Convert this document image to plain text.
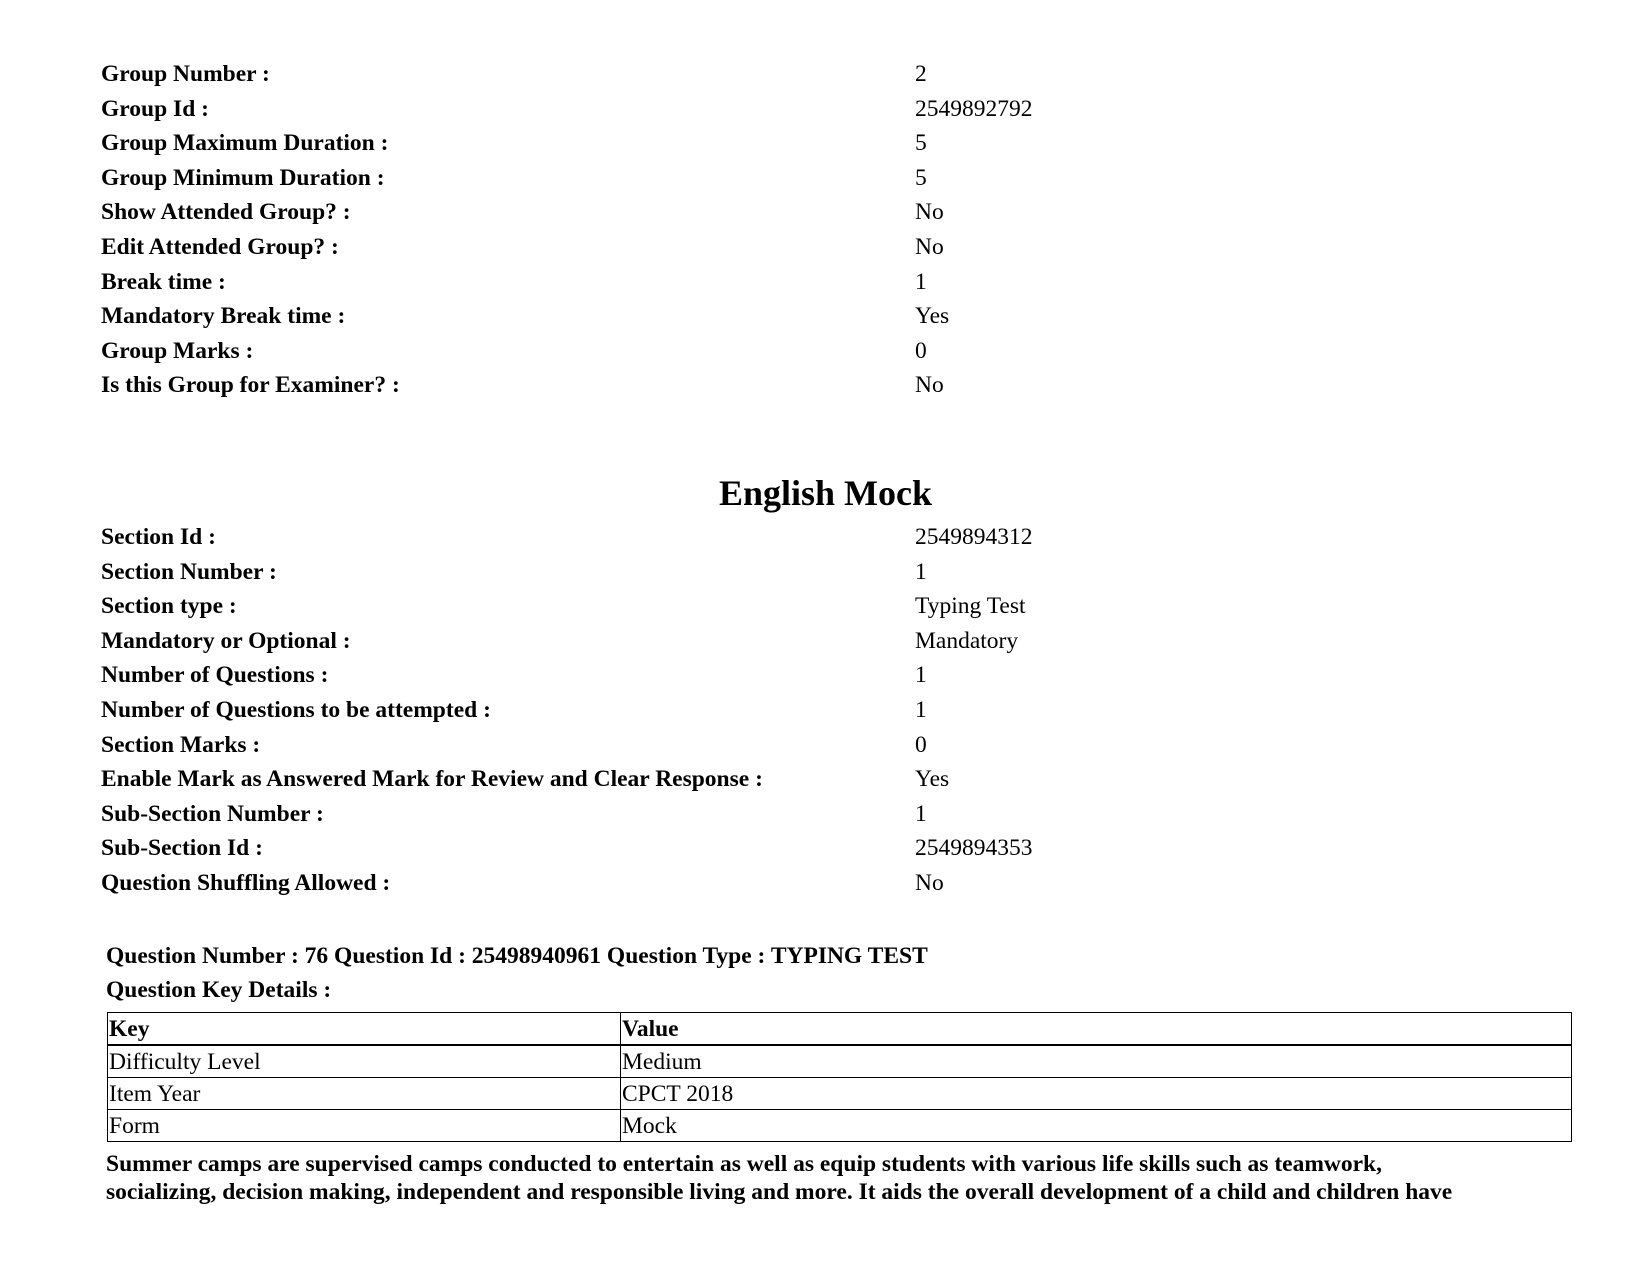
Group Number :	2
Group Id :	2549892792
Group Maximum Duration :	5
Group Minimum Duration :	5
Show Attended Group? :	No
Edit Attended Group? :	No
Break time :	1
Mandatory Break time :	Yes
Group Marks :	0
Is this Group for Examiner? :	No
English Mock
Section Id :	2549894312
Section Number :	1
Section type :	Typing Test
Mandatory or Optional :	Mandatory
Number of Questions :	1
Number of Questions to be attempted :	1
Section Marks :	0
Enable Mark as Answered Mark for Review and Clear Response :	Yes
Sub-Section Number :	1
Sub-Section Id :	2549894353
Question Shuffling Allowed :	No
Question Number : 76 Question Id : 25498940961 Question Type : TYPING TEST
Question Key Details :
Key	Value
Difficulty Level	Medium
Item Year	CPCT 2018
Form	Mock

Summer camps are supervised camps conducted to entertain as well as equip students with various life skills such as teamwork,

socializing, decision making, independent and responsible living and more. It aids the overall development of a child and children have
